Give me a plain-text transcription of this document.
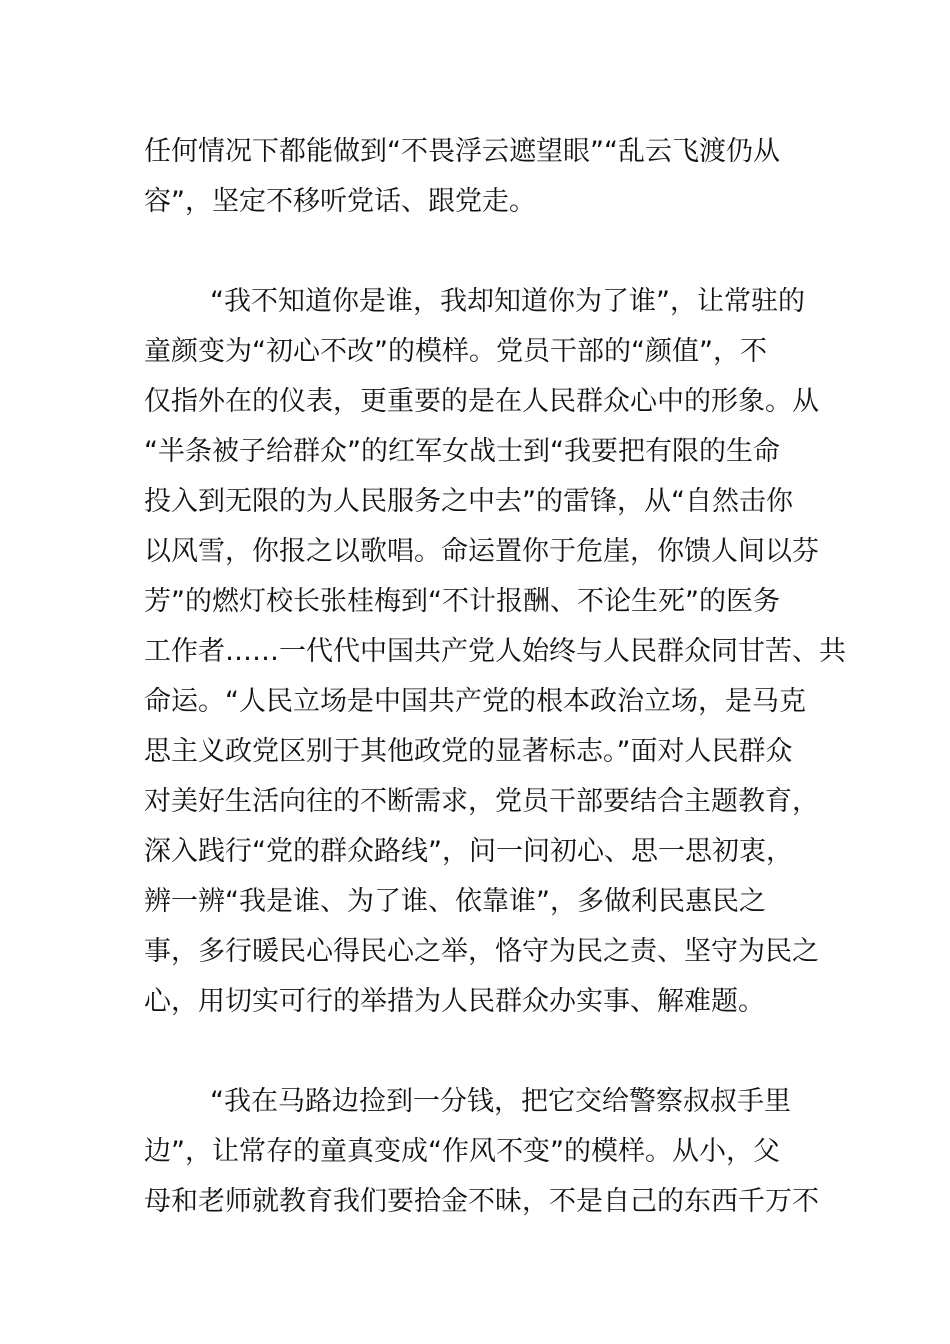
任何情况下都能做到“不畏浮云遮望眼”“乱云飞渡仍从
容”，坚定不移听党话、跟党走。
“我不知道你是谁，我却知道你为了谁”，让常驻的
童颜变为“初心不改”的模样。党员干部的“颜值”，不
仅指外在的仪表，更重要的是在人民群众心中的形象。从
“半条被子给群众”的红军女战士到“我要把有限的生命
投入到无限的为人民服务之中去”的雷锋，从“自然击你
以风雪，你报之以歌唱。命运置你于危崖，你馈人间以芬
芳”的燃灯校长张桂梅到“不计报酬、不论生死”的医务
工作者……一代代中国共产党人始终与人民群众同甘苦、共
命运。“人民立场是中国共产党的根本政治立场，是马克
思主义政党区别于其他政党的显著标志。”面对人民群众
对美好生活向往的不断需求，党员干部要结合主题教育，
深入践行“党的群众路线”，问一问初心、思一思初衷，
辨一辨“我是谁、为了谁、依靠谁”，多做利民惠民之
事，多行暖民心得民心之举，恪守为民之责、坚守为民之
心，用切实可行的举措为人民群众办实事、解难题。
“我在马路边捡到一分钱，把它交给警察叔叔手里
边”，让常存的童真变成“作风不变”的模样。从小，父
母和老师就教育我们要拾金不昧，不是自己的东西千万不
